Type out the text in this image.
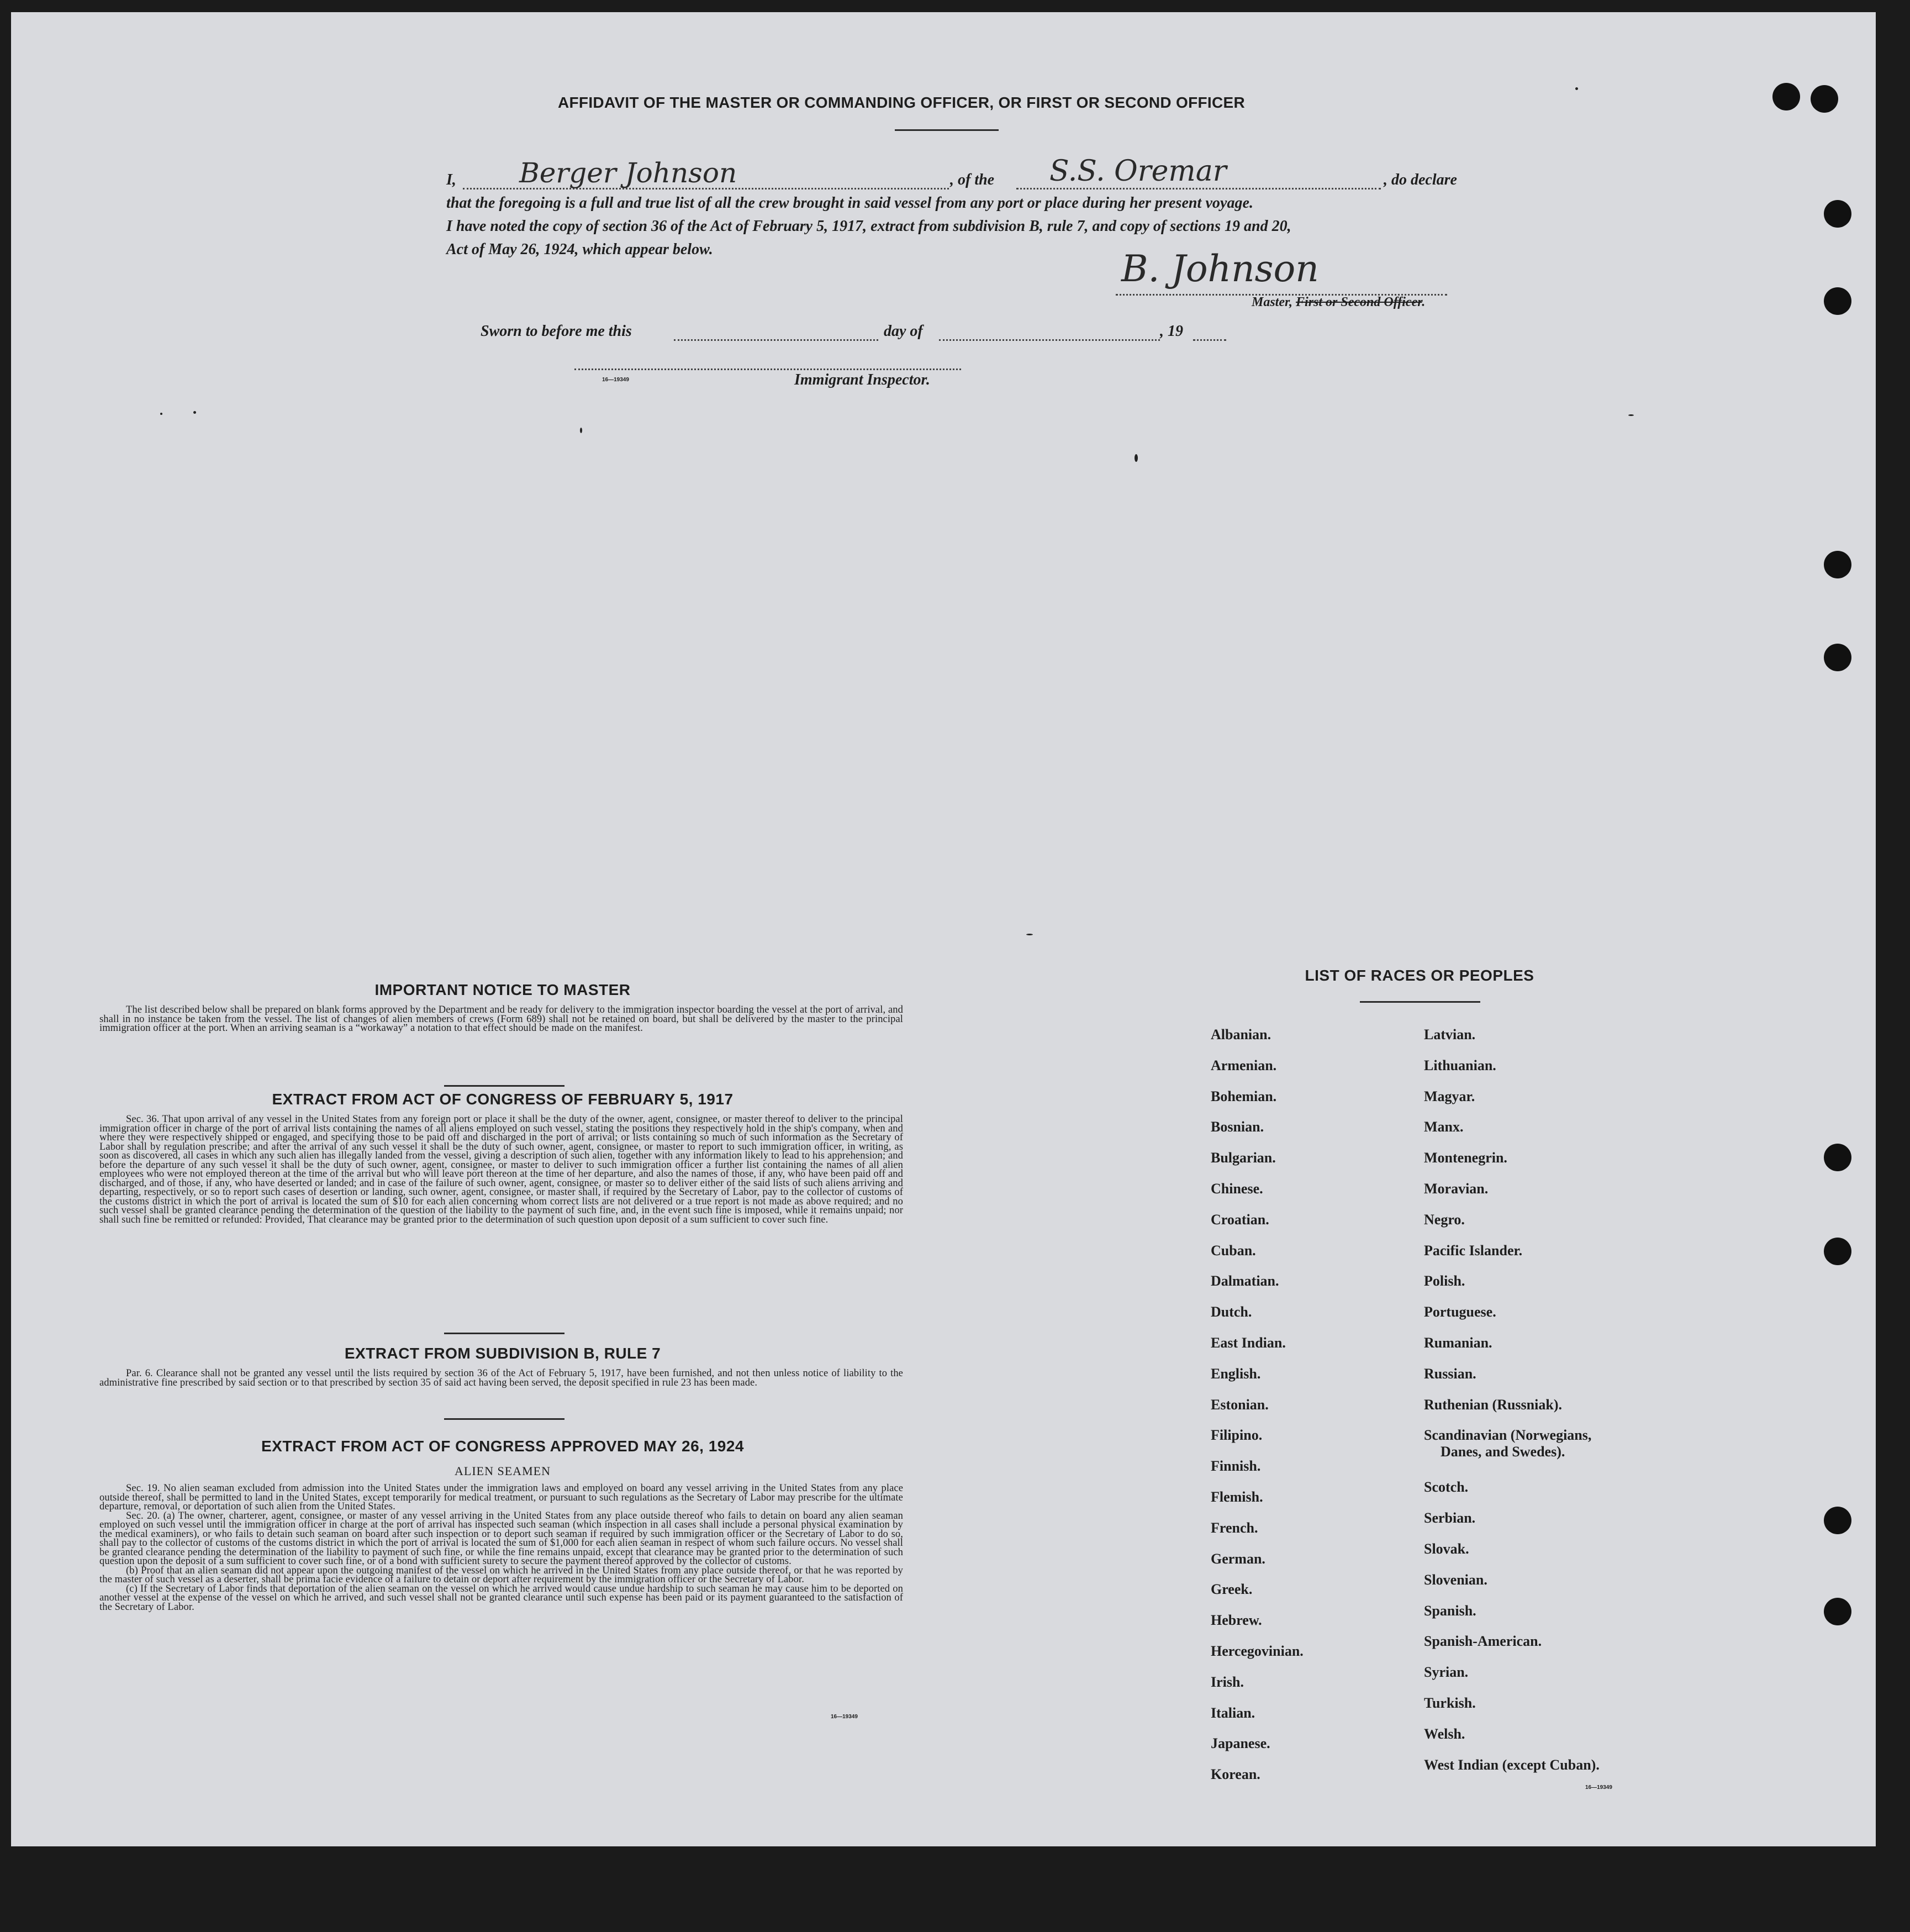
AFFIDAVIT OF THE MASTER OR COMMANDING OFFICER, OR FIRST OR SECOND OFFICER
I, Berger Johnson	, of the S.S. Oremar	, do declare
that the foregoing is a full and true list of all the crew brought in said vessel from any port or place during her present voyage.
I have noted the copy of section 36 of the Act of February 5, 1917, extract from subdivision B, rule 7, and copy of sections 19 and 20,
Act of May 26, 1924, which appear below.	B. Johnson
Master, First or Second Officer.
Sworn to before me this	day of	, 19
16—19349	Immigrant Inspector.
IMPORTANT NOTICE TO MASTER

The list described below shall be prepared on blank forms approved by the Department and be ready for delivery to the immigration inspector boarding the vessel at the port of arrival, and shall in no instance be taken from the vessel. The list of changes of alien members of crews (Form 689) shall not be retained on board, but shall be delivered by the master to the principal immigration officer at the port. When an arriving seaman is a “workaway” a notation to that effect should be made on the manifest.

EXTRACT FROM ACT OF CONGRESS OF FEBRUARY 5, 1917

Sec. 36. That upon arrival of any vessel in the United States from any foreign port or place it shall be the duty of the owner, agent, consignee, or master thereof to deliver to the principal immigration officer in charge of the port of arrival lists containing the names of all aliens employed on such vessel, stating the positions they respectively hold in the ship's company, when and where they were respectively shipped or engaged, and specifying those to be paid off and discharged in the port of arrival; or lists containing so much of such information as the Secretary of Labor shall by regulation prescribe; and after the arrival of any such vessel it shall be the duty of such owner, agent, consignee, or master to report to such immigration officer, in writing, as soon as discovered, all cases in which any such alien has illegally landed from the vessel, giving a description of such alien, together with any information likely to lead to his apprehension; and before the departure of any such vessel it shall be the duty of such owner, agent, consignee, or master to deliver to such immigration officer a further list containing the names of all alien employees who were not employed thereon at the time of the arrival but who will leave port thereon at the time of her departure, and also the names of those, if any, who have been paid off and discharged, and of those, if any, who have deserted or landed; and in case of the failure of such owner, agent, consignee, or master so to deliver either of the said lists of such aliens arriving and departing, respectively, or so to report such cases of desertion or landing, such owner, agent, consignee, or master shall, if required by the Secretary of Labor, pay to the collector of customs of the customs district in which the port of arrival is located the sum of $10 for each alien concerning whom correct lists are not delivered or a true report is not made as above required; and no such vessel shall be granted clearance pending the determination of the question of the liability to the payment of such fine, and, in the event such fine is imposed, while it remains unpaid; nor shall such fine be remitted or refunded: Provided, That clearance may be granted prior to the determination of such question upon deposit of a sum sufficient to cover such fine.

EXTRACT FROM SUBDIVISION B, RULE 7

Par. 6. Clearance shall not be granted any vessel until the lists required by section 36 of the Act of February 5, 1917, have been furnished, and not then unless notice of liability to the administrative fine prescribed by said section or to that prescribed by section 35 of said act having been served, the deposit specified in rule 23 has been made.

EXTRACT FROM ACT OF CONGRESS APPROVED MAY 26, 1924
ALIEN SEAMEN

Sec. 19. No alien seaman excluded from admission into the United States under the immigration laws and employed on board any vessel arriving in the United States from any place outside thereof, shall be permitted to land in the United States, except temporarily for medical treatment, or pursuant to such regulations as the Secretary of Labor may prescribe for the ultimate departure, removal, or deportation of such alien from the United States.

Sec. 20. (a) The owner, charterer, agent, consignee, or master of any vessel arriving in the United States from any place outside thereof who fails to detain on board any alien seaman employed on such vessel until the immigration officer in charge at the port of arrival has inspected such seaman (which inspection in all cases shall include a personal physical examination by the medical examiners), or who fails to detain such seaman on board after such inspection or to deport such seaman if required by such immigration officer or the Secretary of Labor to do so, shall pay to the collector of customs of the customs district in which the port of arrival is located the sum of $1,000 for each alien seaman in respect of whom such failure occurs. No vessel shall be granted clearance pending the determination of the liability to payment of such fine, or while the fine remains unpaid, except that clearance may be granted prior to the determination of such question upon the deposit of a sum sufficient to cover such fine, or of a bond with sufficient surety to secure the payment thereof approved by the collector of customs.

(b) Proof that an alien seaman did not appear upon the outgoing manifest of the vessel on which he arrived in the United States from any place outside thereof, or that he was reported by the master of such vessel as a deserter, shall be prima facie evidence of a failure to detain or deport after requirement by the immigration officer or the Secretary of Labor.

(c) If the Secretary of Labor finds that deportation of the alien seaman on the vessel on which he arrived would cause undue hardship to such seaman he may cause him to be deported on another vessel at the expense of the vessel on which he arrived, and such vessel shall not be granted clearance until such expense has been paid or its payment guaranteed to the satisfaction of the Secretary of Labor.

16—19349
LIST OF RACES OR PEOPLES
Albanian.
Armenian.
Bohemian.
Bosnian.
Bulgarian.
Chinese.
Croatian.
Cuban.
Dalmatian.
Dutch.
East Indian.
English.
Estonian.
Filipino.
Finnish.
Flemish.
French.
German.
Greek.
Hebrew.
Hercegovinian.
Irish.
Italian.
Japanese.
Korean.
Latvian.
Lithuanian.
Magyar.
Manx.
Montenegrin.
Moravian.
Negro.
Pacific Islander.
Polish.
Portuguese.
Rumanian.
Russian.
Ruthenian (Russniak).
Scandinavian (Norwegians,
Danes, and Swedes).
Scotch.
Serbian.
Slovak.
Slovenian.
Spanish.
Spanish-American.
Syrian.
Turkish.
Welsh.
West Indian (except Cuban).
16—19349
